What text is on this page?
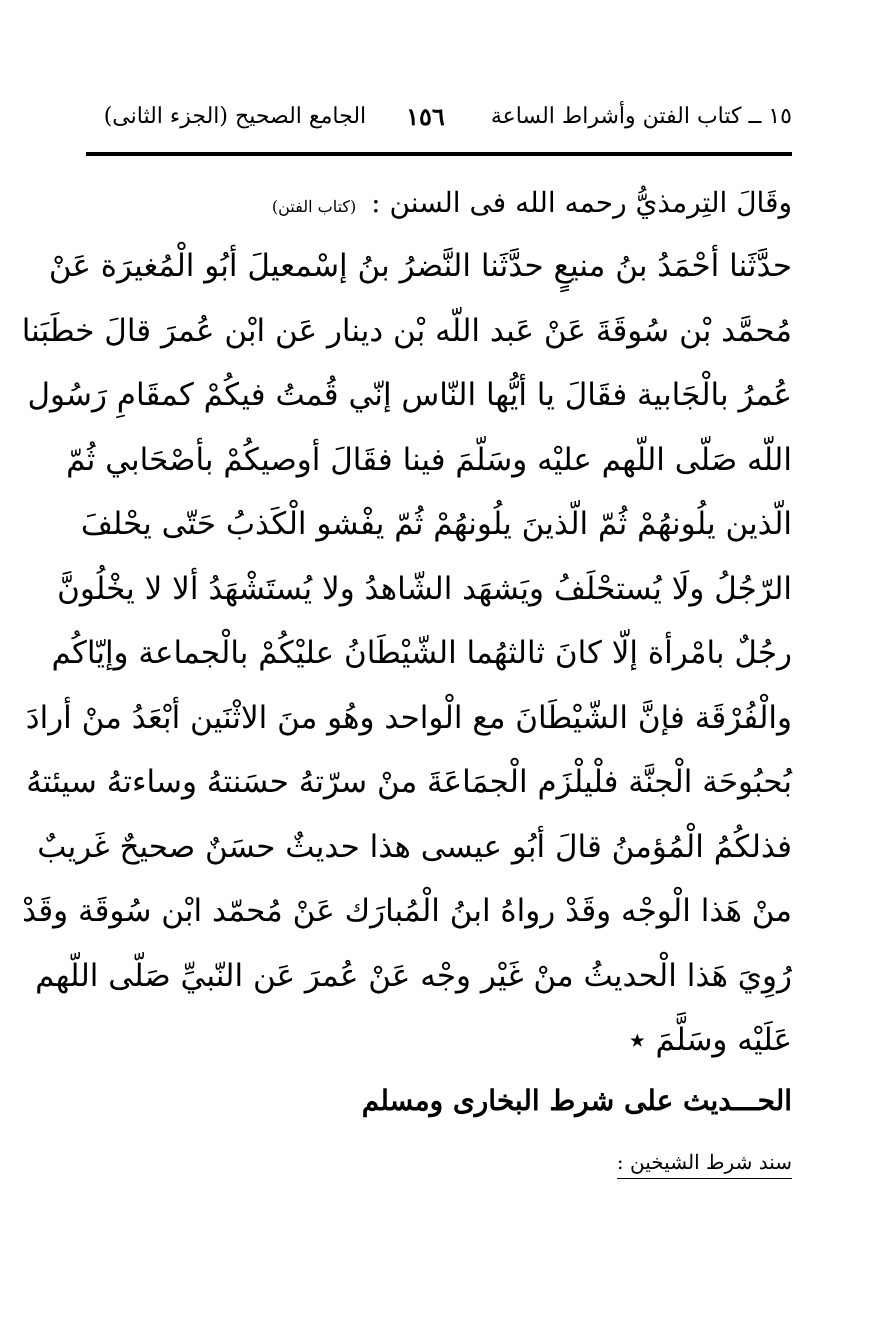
١٥ ــ كتاب الفتن وأشراط الساعة
١٥٦
الجامع الصحيح (الجزء الثانى)
وقَالَ التِرمذيُّ رحمه الله فى السنن : (كتاب الفتن)
حدَّثَنا أحْمَدُ بنُ منيعٍ حدَّثَنا النَّضرُ بنُ إسْمعيلَ أبُو الْمُغيرَة عَنْ
مُحمَّد بْن سُوقَةَ عَنْ عَبد اللّه بْن دينار عَن ابْن عُمرَ قالَ خطَبَنا
عُمرُ بالْجَابية فقَالَ يا أيُّها النّاس إنّي قُمتُ فيكُمْ كمقَامِ رَسُول
اللّه صَلّى اللّهم عليْه وسَلّمَ فينا فقَالَ أوصيكُمْ بأصْحَابي ثُمّ
الّذين يلُونهُمْ ثُمّ الّذينَ يلُونهُمْ ثُمّ يفْشو الْكَذبُ حَتّى يحْلفَ
الرّجُلُ ولَا يُستحْلَفُ ويَشهَد الشّاهدُ ولا يُستَشْهَدُ ألا لا يخْلُونَّ
رجُلٌ بامْرأة إلّا كانَ ثالثهُما الشّيْطَانُ عليْكُمْ بالْجماعة وإيّاكُم
والْفُرْقَة فإنَّ الشّيْطَانَ مع الْواحد وهُو منَ الاثْنَين أبْعَدُ منْ أرادَ
بُحبُوحَة الْجنَّة فلْيلْزَم الْجمَاعَةَ منْ سرّتهُ حسَنتهُ وساءتهُ سيئتهُ
فذلكُمُ الْمُؤمنُ قالَ أبُو عيسى هذا حديثٌ حسَنٌ صحيحٌ غَريبٌ
منْ هَذا الْوجْه وقَدْ رواهُ ابنُ الْمُبارَك عَنْ مُحمّد ابْن سُوقَة وقَدْ
رُوِيَ هَذا الْحديثُ منْ غَيْر وجْه عَنْ عُمرَ عَن النّبيِّ صَلّى اللّهم
عَلَيْه وسَلَّمَ ٭
الحـــديث على شرط البخارى ومسلم
سند شرط الشيخين :
